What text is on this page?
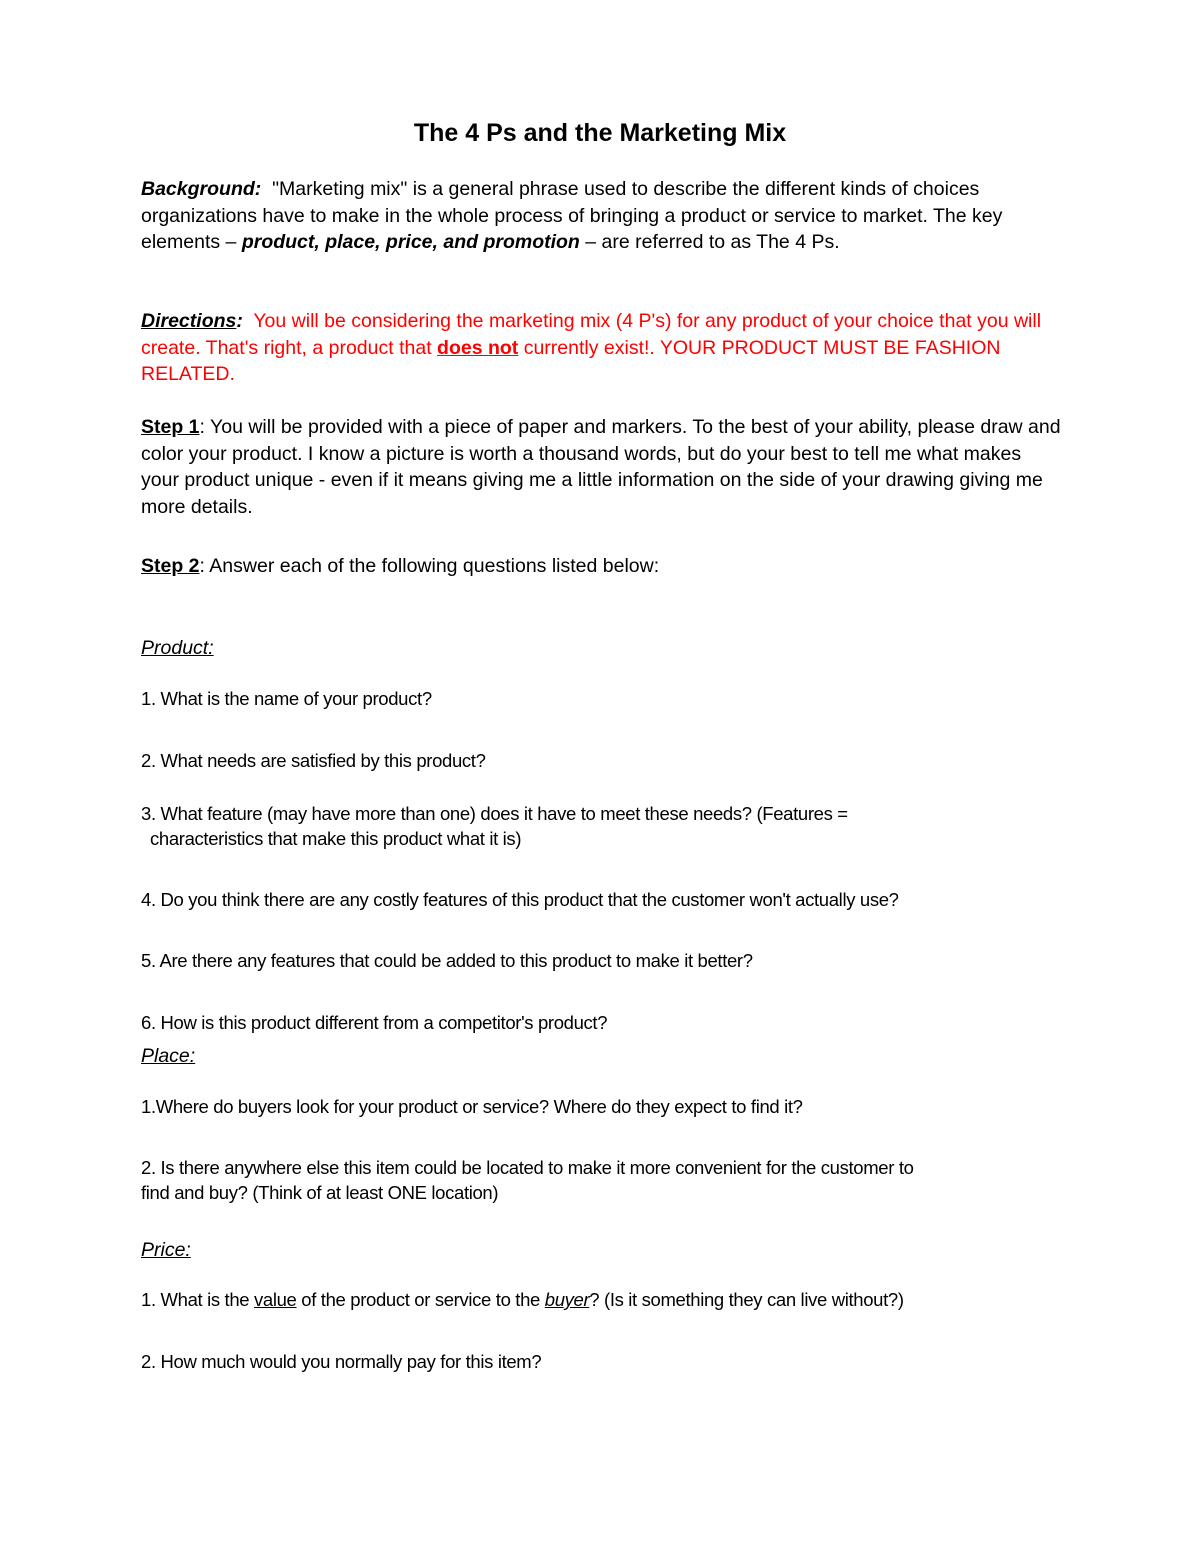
The 4 Ps and the Marketing Mix
Background: "Marketing mix" is a general phrase used to describe the different kinds of choices organizations have to make in the whole process of bringing a product or service to market. The key elements – product, place, price, and promotion – are referred to as The 4 Ps.
Directions: You will be considering the marketing mix (4 P's) for any product of your choice that you will create. That's right, a product that does not currently exist!. YOUR PRODUCT MUST BE FASHION RELATED.
Step 1: You will be provided with a piece of paper and markers. To the best of your ability, please draw and color your product. I know a picture is worth a thousand words, but do your best to tell me what makes your product unique - even if it means giving me a little information on the side of your drawing giving me more details.
Step 2: Answer each of the following questions listed below:
Product:
1. What is the name of your product?
2. What needs are satisfied by this product?
3. What feature (may have more than one) does it have to meet these needs? (Features =
characteristics that make this product what it is)
4. Do you think there are any costly features of this product that the customer won't actually use?
5. Are there any features that could be added to this product to make it better?
6. How is this product different from a competitor's product?
Place:
1.Where do buyers look for your product or service? Where do they expect to find it?
2. Is there anywhere else this item could be located to make it more convenient for the customer to
find and buy? (Think of at least ONE location)
Price:
1. What is the value of the product or service to the buyer? (Is it something they can live without?)
2. How much would you normally pay for this item?
